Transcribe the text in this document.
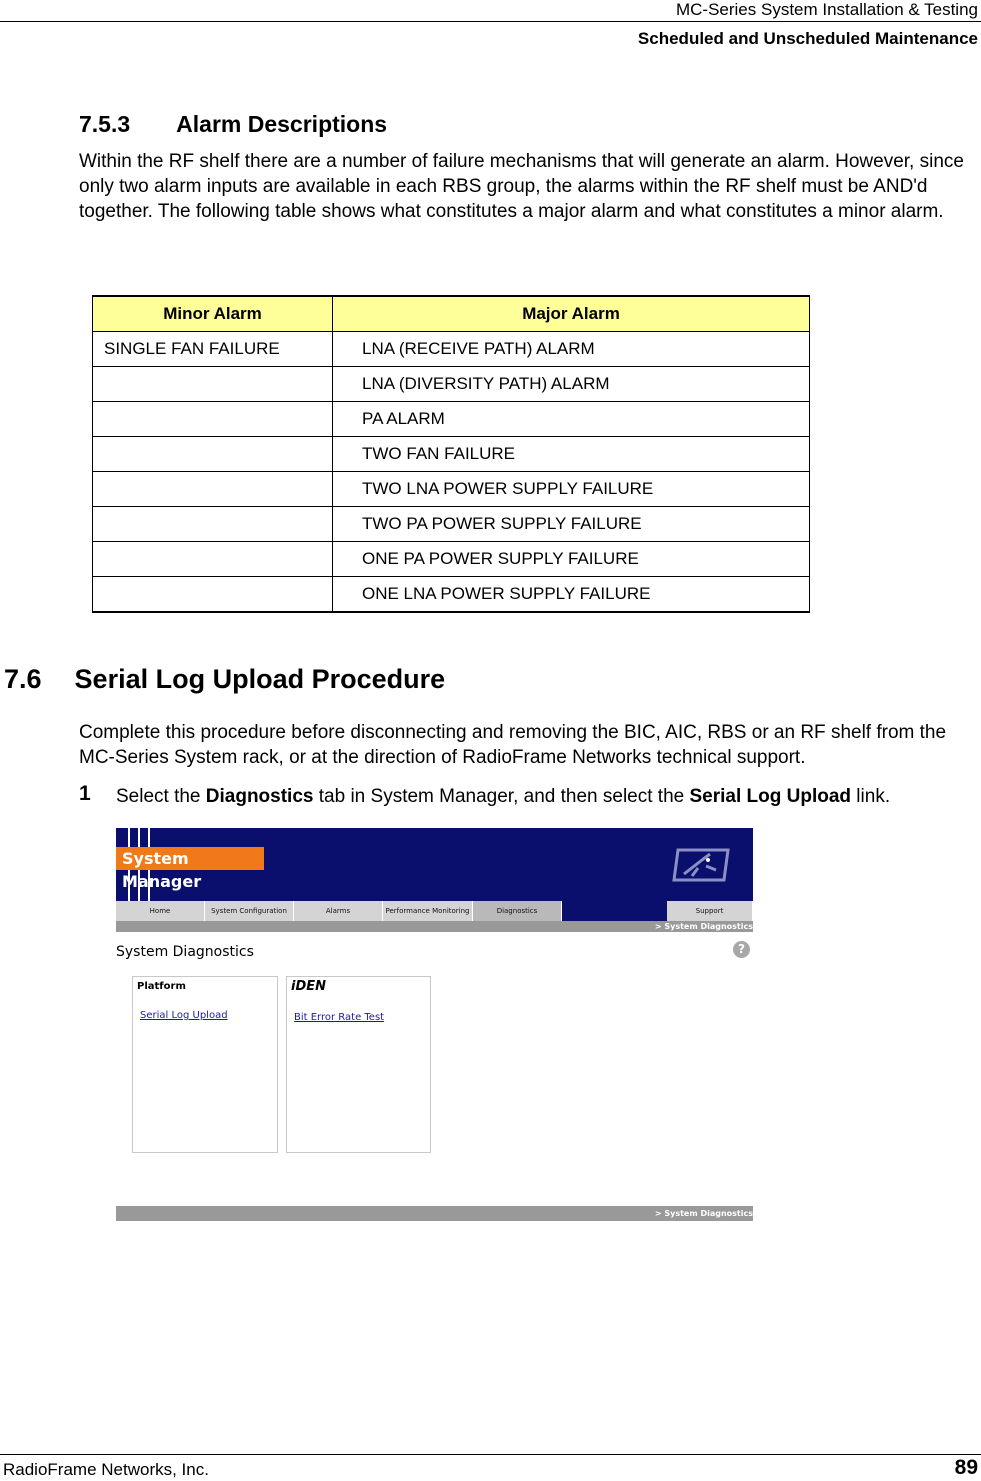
MC-Series System Installation & Testing
Scheduled and Unscheduled Maintenance
7.5.3 Alarm Descriptions
Within the RF shelf there are a number of failure mechanisms that will generate an alarm. However, since only two alarm inputs are available in each RBS group, the alarms within the RF shelf must be AND'd together. The following table shows what constitutes a major alarm and what constitutes a minor alarm.
Minor Alarm	Major Alarm
SINGLE FAN FAILURE	LNA (RECEIVE PATH) ALARM
	LNA (DIVERSITY PATH) ALARM
	PA ALARM
	TWO FAN FAILURE
	TWO LNA POWER SUPPLY FAILURE
	TWO PA POWER SUPPLY FAILURE
	ONE PA POWER SUPPLY FAILURE
	ONE LNA POWER SUPPLY FAILURE
7.6 Serial Log Upload Procedure
Complete this procedure before disconnecting and removing the BIC, AIC, RBS or an RF shelf from the MC-Series System rack, or at the direction of RadioFrame Networks technical support.
1 Select the Diagnostics tab in System Manager, and then select the Serial Log Upload link.
System Manager
Home	System Configuration	Alarms	Performance Monitoring	Diagnostics	Support
> System Diagnostics
System Diagnostics	?
Platform
Serial Log Upload
iDEN
Bit Error Rate Test
> System Diagnostics
RadioFrame Networks, Inc.	89
